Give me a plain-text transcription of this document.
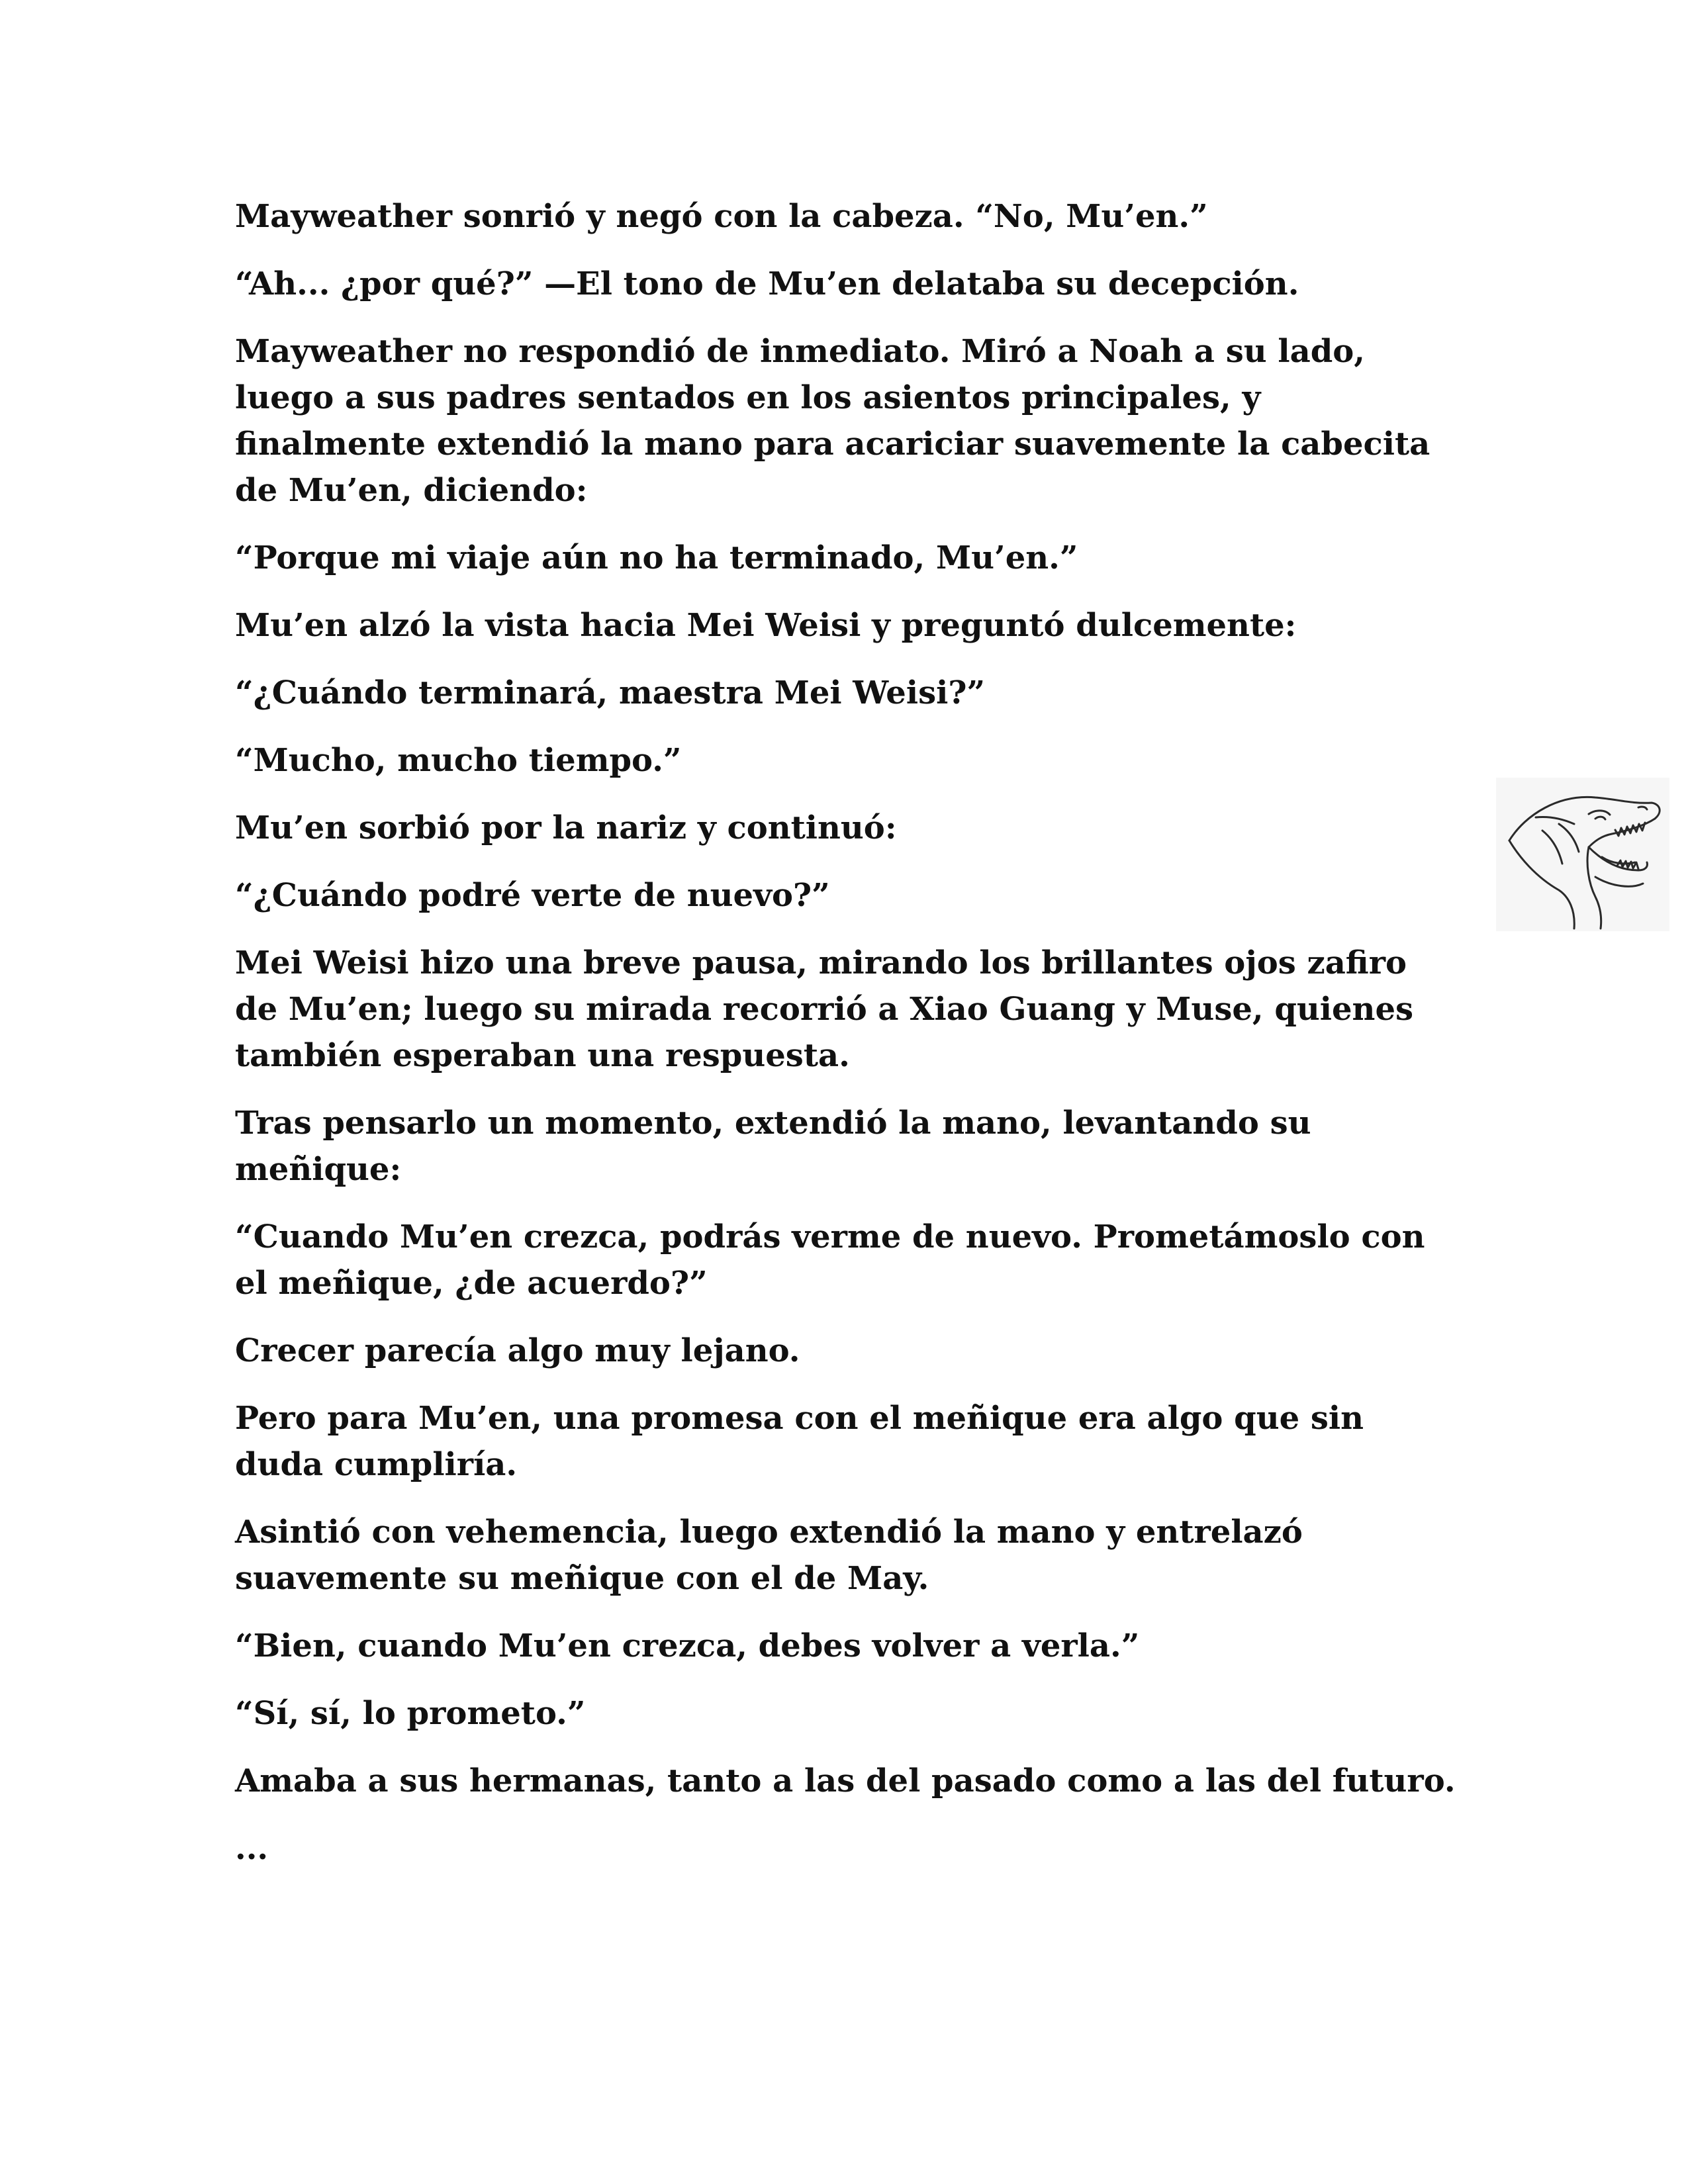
Mayweather sonrió y negó con la cabeza. “No, Mu’en.”

“Ah... ¿por qué?” —El tono de Mu’en delataba su decepción.

Mayweather no respondió de inmediato. Miró a Noah a su lado, luego a sus padres sentados en los asientos principales, y finalmente extendió la mano para acariciar suavemente la cabecita de Mu’en, diciendo:

“Porque mi viaje aún no ha terminado, Mu’en.”

Mu’en alzó la vista hacia Mei Weisi y preguntó dulcemente:

“¿Cuándo terminará, maestra Mei Weisi?”

“Mucho, mucho tiempo.”

Mu’en sorbió por la nariz y continuó:

“¿Cuándo podré verte de nuevo?”

Mei Weisi hizo una breve pausa, mirando los brillantes ojos zafiro de Mu’en; luego su mirada recorrió a Xiao Guang y Muse, quienes también esperaban una respuesta.

Tras pensarlo un momento, extendió la mano, levantando su meñique:

“Cuando Mu’en crezca, podrás verme de nuevo. Prometámoslo con el meñique, ¿de acuerdo?”

Crecer parecía algo muy lejano.

Pero para Mu’en, una promesa con el meñique era algo que sin duda cumpliría.

Asintió con vehemencia, luego extendió la mano y entrelazó suavemente su meñique con el de May.

“Bien, cuando Mu’en crezca, debes volver a verla.”

“Sí, sí, lo prometo.”

Amaba a sus hermanas, tanto a las del pasado como a las del futuro.

...
